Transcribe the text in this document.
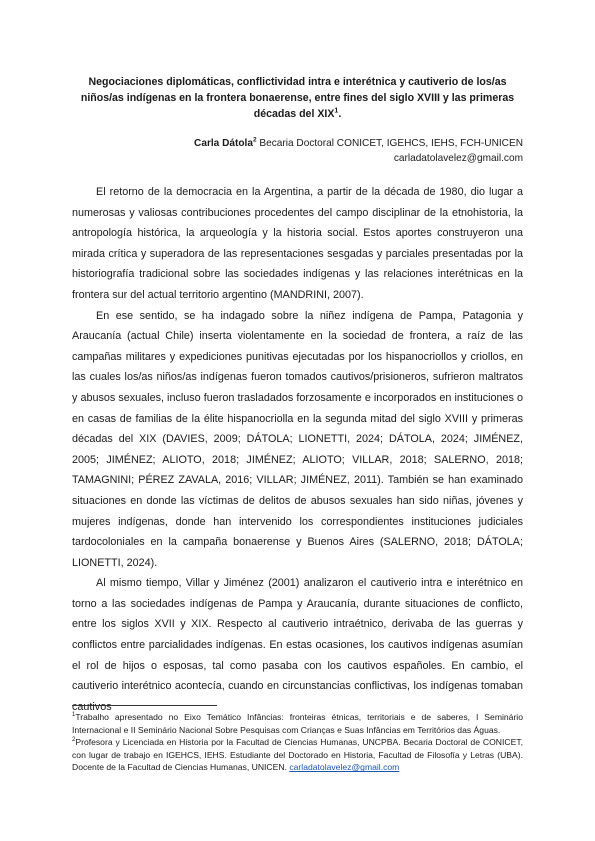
Negociaciones diplomáticas, conflictividad intra e interétnica y cautiverio de los/as niños/as indígenas en la frontera bonaerense, entre fines del siglo XVIII y las primeras décadas del XIX$^1$.
Carla Dátola$^2$ Becaria Doctoral CONICET, IGEHCS, IEHS, FCH-UNICEN
carladatolavelez@gmail.com

El retorno de la democracia en la Argentina, a partir de la década de 1980, dio lugar a numerosas y valiosas contribuciones procedentes del campo disciplinar de la etnohistoria, la antropología histórica, la arqueología y la historia social. Estos aportes construyeron una mirada crítica y superadora de las representaciones sesgadas y parciales presentadas por la historiografía tradicional sobre las sociedades indígenas y las relaciones interétnicas en la frontera sur del actual territorio argentino (MANDRINI, 2007).

En ese sentido, se ha indagado sobre la niñez indígena de Pampa, Patagonia y Araucanía (actual Chile) inserta violentamente en la sociedad de frontera, a raíz de las campañas militares y expediciones punitivas ejecutadas por los hispanocriollos y criollos, en las cuales los/as niños/as indígenas fueron tomados cautivos/prisioneros, sufrieron maltratos y abusos sexuales, incluso fueron trasladados forzosamente e incorporados en instituciones o en casas de familias de la élite hispanocriolla en la segunda mitad del siglo XVIII y primeras décadas del XIX (DAVIES, 2009; DÁTOLA; LIONETTI, 2024; DÁTOLA, 2024; JIMÉNEZ, 2005; JIMÉNEZ; ALIOTO, 2018; JIMÉNEZ; ALIOTO; VILLAR, 2018; SALERNO, 2018; TAMAGNINI; PÉREZ ZAVALA, 2016; VILLAR; JIMÉNEZ, 2011). También se han examinado situaciones en donde las víctimas de delitos de abusos sexuales han sido niñas, jóvenes y mujeres indígenas, donde han intervenido los correspondientes instituciones judiciales tardocoloniales en la campaña bonaerense y Buenos Aires (SALERNO, 2018; DÁTOLA; LIONETTI, 2024).

Al mismo tiempo, Villar y Jiménez (2001) analizaron el cautiverio intra e interétnico en torno a las sociedades indígenas de Pampa y Araucanía, durante situaciones de conflicto, entre los siglos XVII y XIX. Respecto al cautiverio intraétnico, derivaba de las guerras y conflictos entre parcialidades indígenas. En estas ocasiones, los cautivos indígenas asumían el rol de hijos o esposas, tal como pasaba con los cautivos españoles. En cambio, el cautiverio interétnico acontecía, cuando en circunstancias conflictivas, los indígenas tomaban cautivos

$^1$Trabalho apresentado no Eixo Temático Infâncias: fronteiras étnicas, territoriais e de saberes, I Seminário Internacional e II Seminário Nacional Sobre Pesquisas com Crianças e Suas Infâncias em Territórios das Águas.

$^2$Profesora y Licenciada en Historia por la Facultad de Ciencias Humanas, UNCPBA. Becaria Doctoral de CONICET, con lugar de trabajo en IGEHCS, IEHS. Estudiante del Doctorado en Historia, Facultad de Filosofía y Letras (UBA). Docente de la Facultad de Ciencias Humanas, UNICEN. carladatolavelez@gmail.com
